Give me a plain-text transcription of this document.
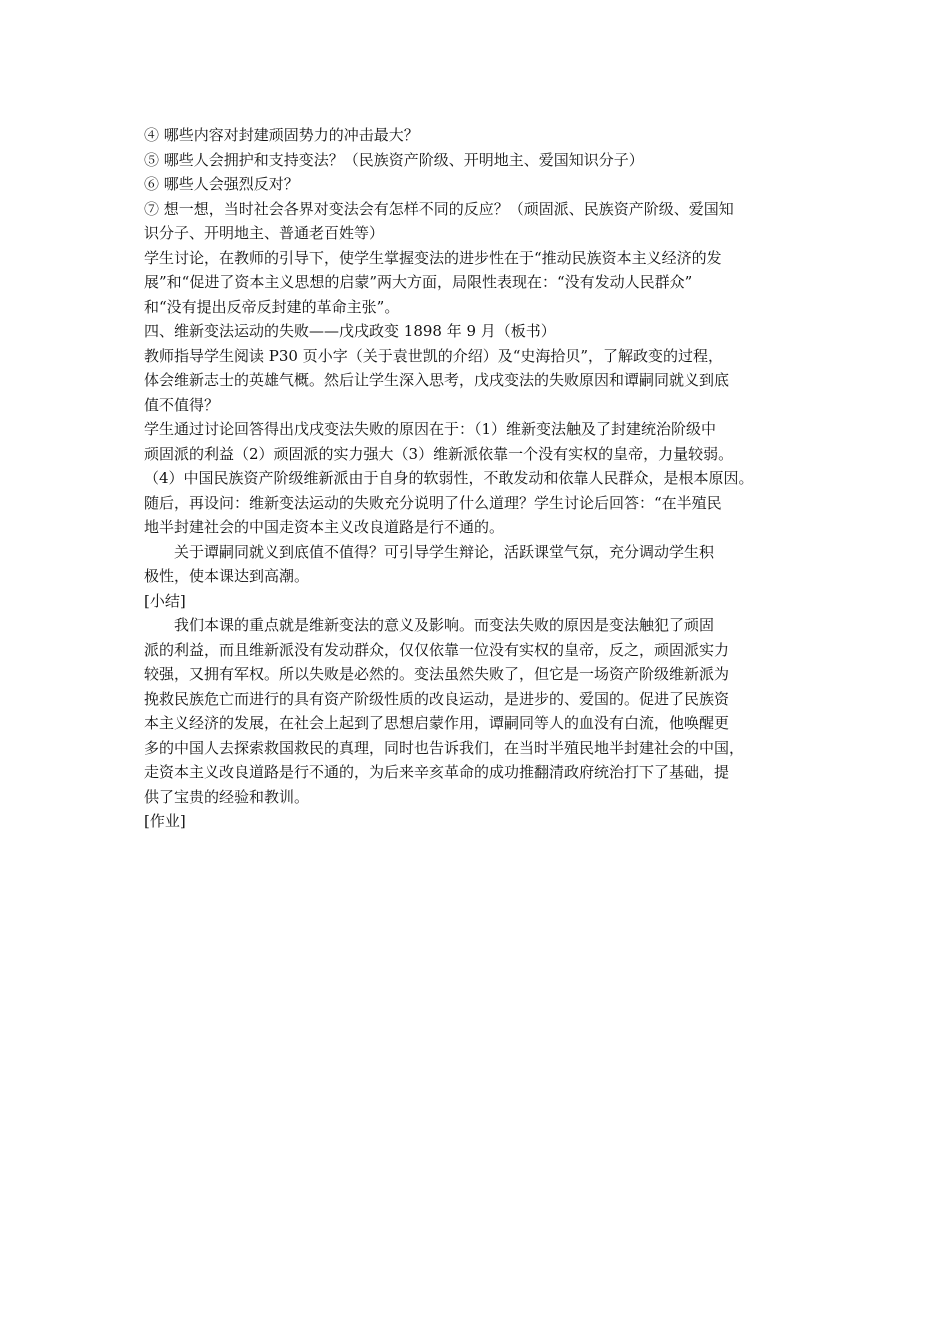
④ 哪些内容对封建顽固势力的冲击最大？
⑤ 哪些人会拥护和支持变法？（民族资产阶级、开明地主、爱国知识分子）
⑥ 哪些人会强烈反对？
⑦ 想一想，当时社会各界对变法会有怎样不同的反应？（顽固派、民族资产阶级、爱国知
识分子、开明地主、普通老百姓等）
学生讨论，在教师的引导下，使学生掌握变法的进步性在于“推动民族资本主义经济的发
展”和“促进了资本主义思想的启蒙”两大方面，局限性表现在：“没有发动人民群众”
和“没有提出反帝反封建的革命主张”。
四、维新变法运动的失败——戊戌政变 1898 年 9 月（板书）
教师指导学生阅读 P30 页小字（关于袁世凯的介绍）及“史海拾贝”，了解政变的过程，
体会维新志士的英雄气概。然后让学生深入思考，戊戌变法的失败原因和谭嗣同就义到底
值不值得？
学生通过讨论回答得出戊戌变法失败的原因在于：（1）维新变法触及了封建统治阶级中
顽固派的利益（2）顽固派的实力强大（3）维新派依靠一个没有实权的皇帝，力量较弱。
（4）中国民族资产阶级维新派由于自身的软弱性，不敢发动和依靠人民群众，是根本原因。
随后，再设问：维新变法运动的失败充分说明了什么道理？学生讨论后回答：“在半殖民
地半封建社会的中国走资本主义改良道路是行不通的。
关于谭嗣同就义到底值不值得？可引导学生辩论，活跃课堂气氛，充分调动学生积
极性，使本课达到高潮。
[小结]
我们本课的重点就是维新变法的意义及影响。而变法失败的原因是变法触犯了顽固
派的利益，而且维新派没有发动群众，仅仅依靠一位没有实权的皇帝，反之，顽固派实力
较强，又拥有军权。所以失败是必然的。变法虽然失败了，但它是一场资产阶级维新派为
挽救民族危亡而进行的具有资产阶级性质的改良运动，是进步的、爱国的。促进了民族资
本主义经济的发展，在社会上起到了思想启蒙作用，谭嗣同等人的血没有白流，他唤醒更
多的中国人去探索救国救民的真理，同时也告诉我们，在当时半殖民地半封建社会的中国，
走资本主义改良道路是行不通的，为后来辛亥革命的成功推翻清政府统治打下了基础，提
供了宝贵的经验和教训。
[作业]
